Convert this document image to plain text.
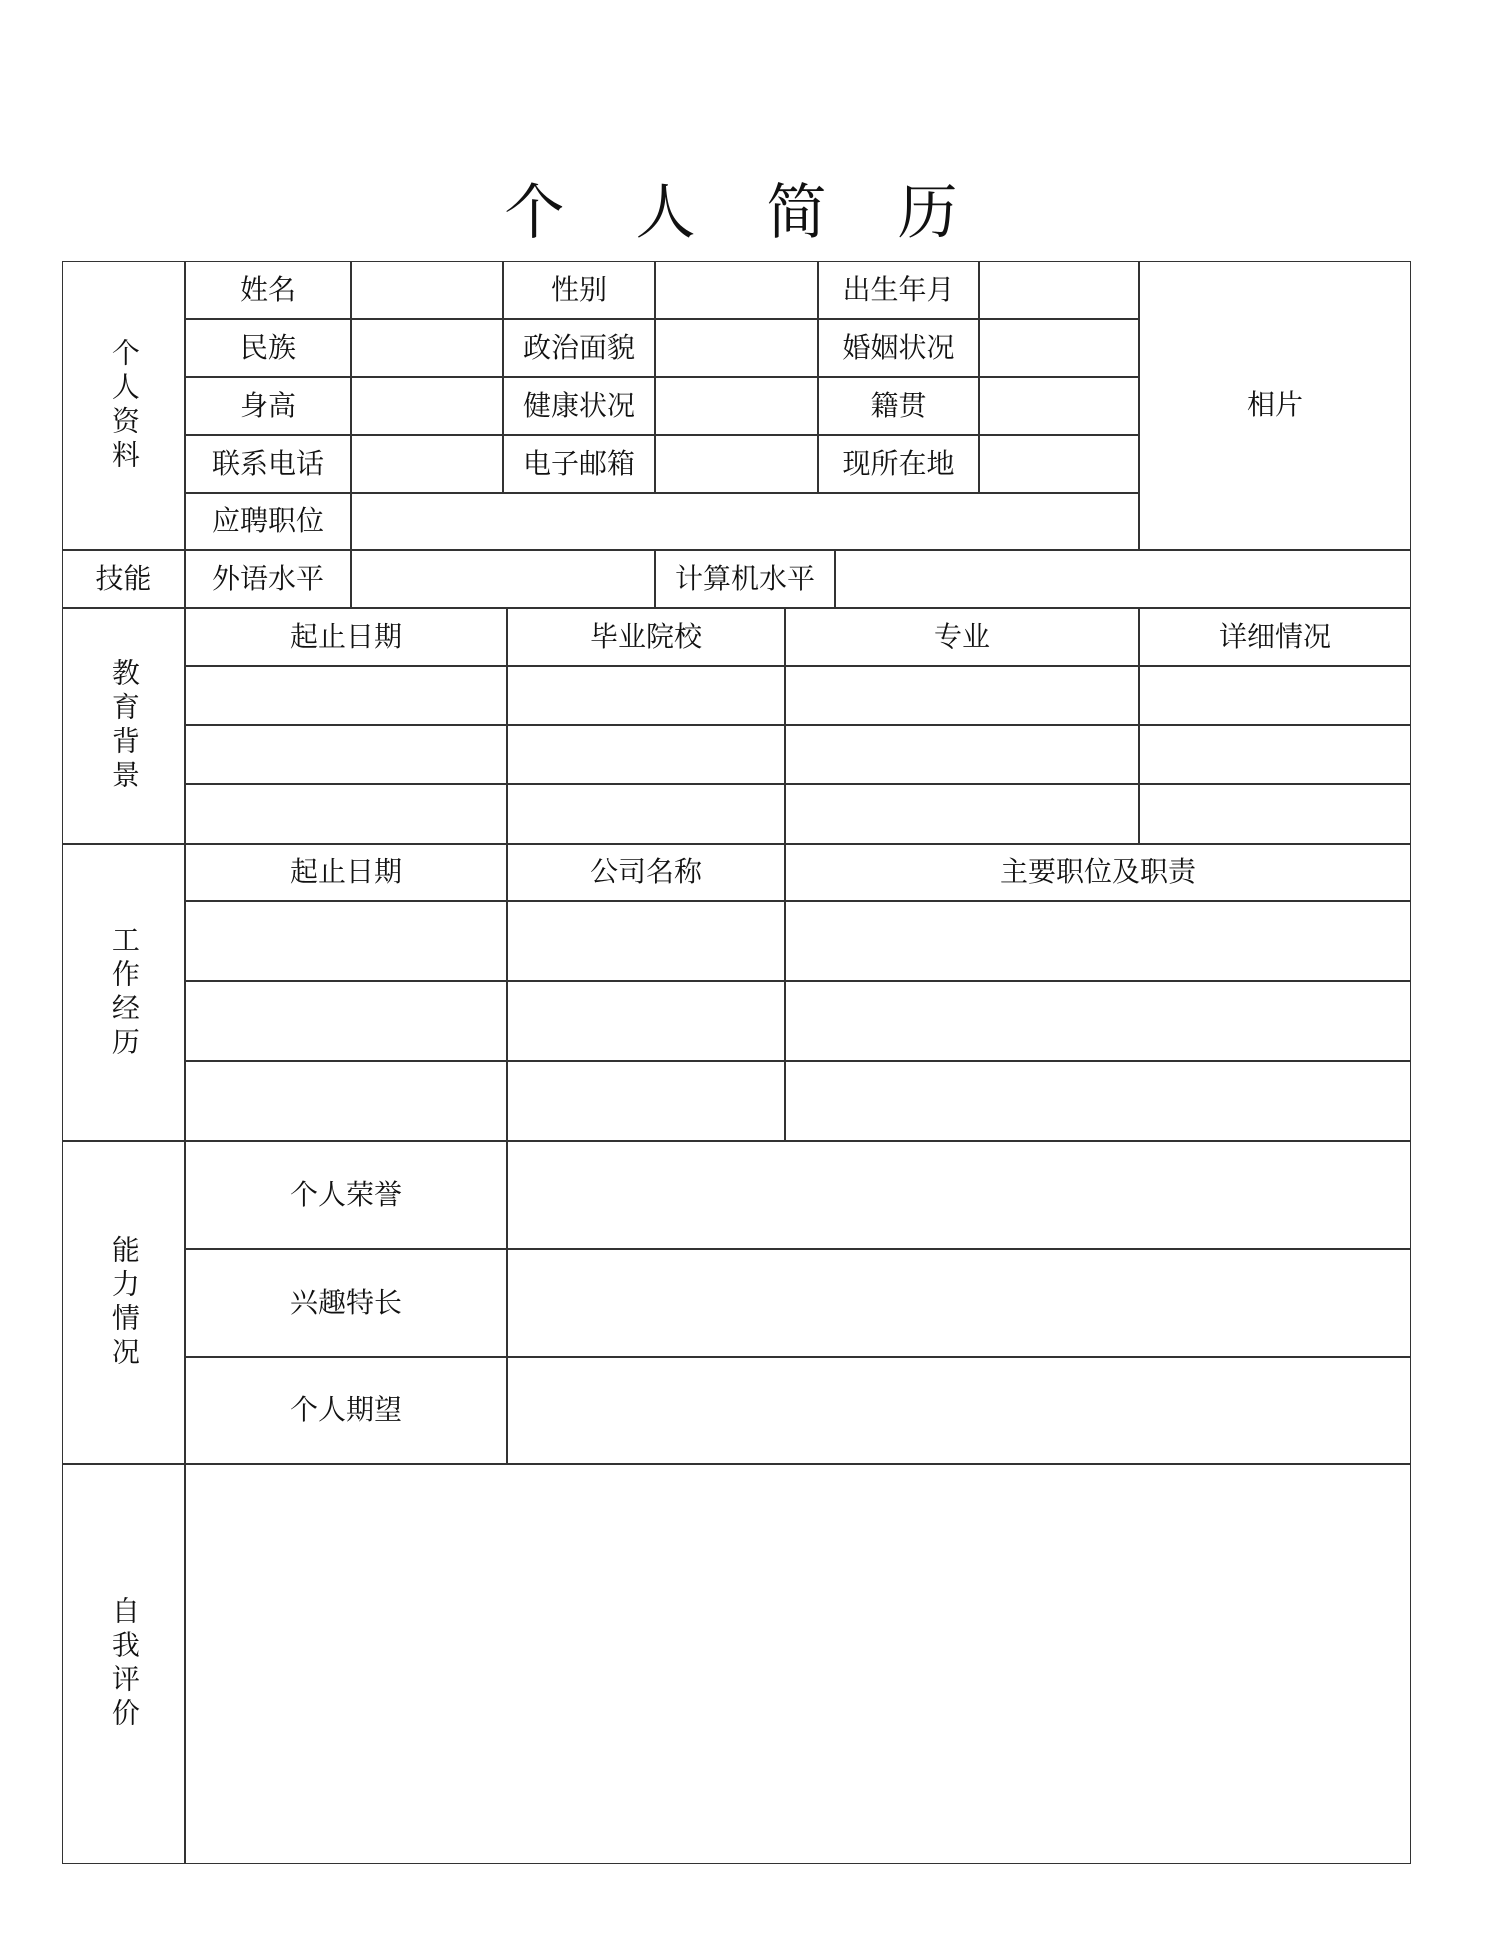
个 人 简 历
个人资料
姓名	性别	出生年月
民族	政治面貌	婚姻状况
身高	健康状况	籍贯
联系电话	电子邮箱	现所在地
应聘职位
相片
技能	外语水平	计算机水平
教育背景
起止日期	毕业院校	专业	详细情况
工作经历
起止日期	公司名称	主要职位及职责
能力情况
个人荣誉
兴趣特长
个人期望
自我评价
